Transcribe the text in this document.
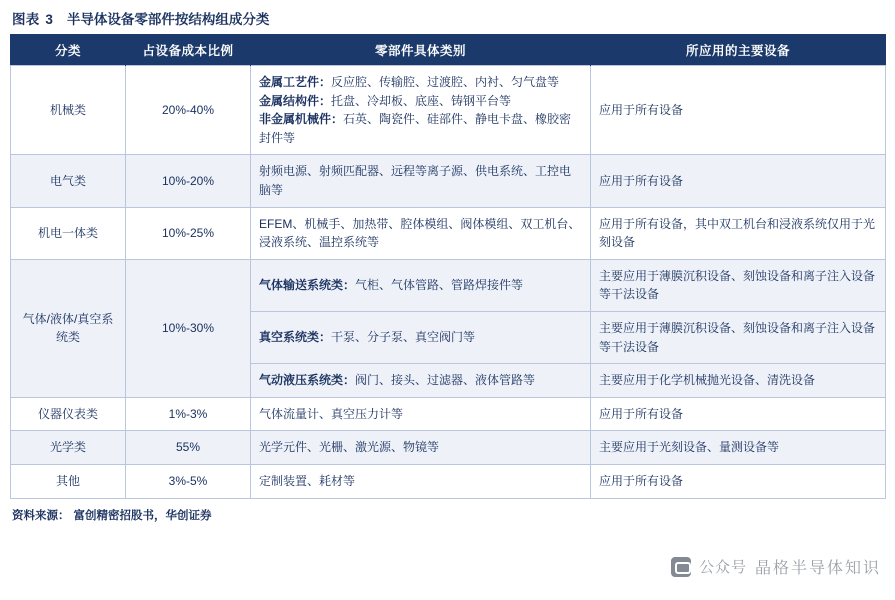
图表 3 半导体设备零部件按结构组成分类
分类	占设备成本比例	零部件具体类别	所应用的主要设备
机械类	20%-40%	金属工艺件：反应腔、传输腔、过渡腔、内衬、匀气盘等
金属结构件：托盘、冷却板、底座、铸钢平台等
非金属机械件：石英、陶瓷件、硅部件、静电卡盘、橡胶密封件等	应用于所有设备
电气类	10%-20%	射频电源、射频匹配器、远程等离子源、供电系统、工控电脑等	应用于所有设备
机电一体类	10%-25%	EFEM、机械手、加热带、腔体模组、阀体模组、双工机台、浸液系统、温控系统等	应用于所有设备，其中双工机台和浸液系统仅用于光刻设备
气体/液体/真空系统类	10%-30%	气体输送系统类：气柜、气体管路、管路焊接件等	主要应用于薄膜沉积设备、刻蚀设备和离子注入设备等干法设备
		真空系统类：干泵、分子泵、真空阀门等	主要应用于薄膜沉积设备、刻蚀设备和离子注入设备等干法设备
		气动液压系统类：阀门、接头、过滤器、液体管路等	主要应用于化学机械抛光设备、清洗设备
仪器仪表类	1%-3%	气体流量计、真空压力计等	应用于所有设备
光学类	55%	光学元件、光栅、激光源、物镜等	主要应用于光刻设备、量测设备等
其他	3%-5%	定制装置、耗材等	应用于所有设备
资料来源： 富创精密招股书，华创证券
公众号 晶格半导体知识
